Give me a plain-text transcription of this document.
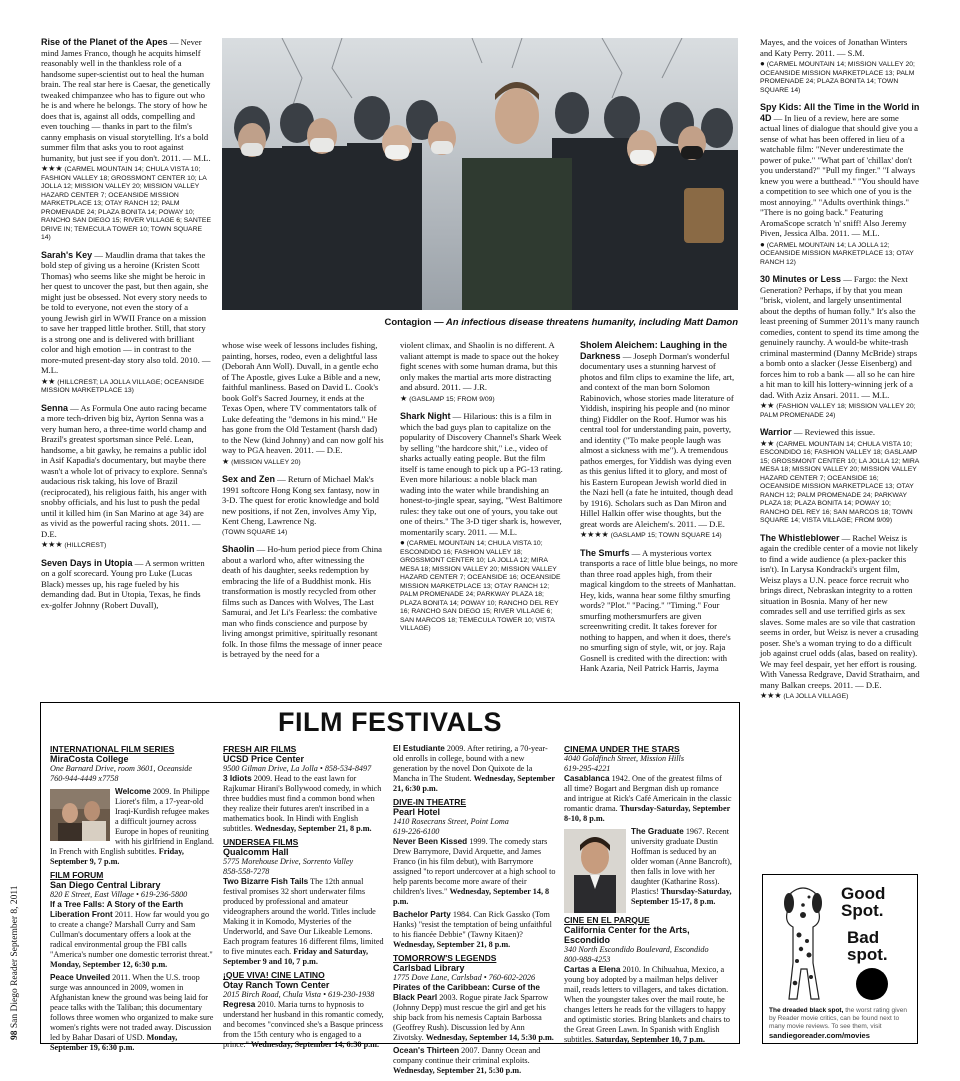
98 San Diego Reader September 8, 2011
Contagion — An infectious disease threatens humanity, including Matt Damon
Rise of the Planet of the Apes — Never mind James Franco, though he acquits himself reasonably well in the thankless role of a handsome super-scientist out to heal the human brain. The real star here is Caesar, the genetically tweaked chimpanzee who has to figure out who he is and where he belongs. The story of how he does that is, against all odds, compelling and even touching — thanks in part to the film's canny emphasis on visual storytelling. It's a bold summer film that asks you to root against humanity, but just see if you don't. 2011. — M.L.
★★★ (CARMEL MOUNTAIN 14; CHULA VISTA 10; FASHION VALLEY 18; GROSSMONT CENTER 10; LA JOLLA 12; MISSION VALLEY 20; MISSION VALLEY HAZARD CENTER 7; OCEANSIDE MISSION MARKETPLACE 13; OTAY RANCH 12; PALM PROMENADE 24; PLAZA BONITA 14; POWAY 10; RANCHO SAN DIEGO 15; RIVER VILLAGE 6; SANTEE DRIVE IN; TEMECULA TOWER 10; TOWN SQUARE 14)
Sarah's Key — Maudlin drama that takes the bold step of giving us a heroine (Kristen Scott Thomas) who seems like she might be heroic in her quest to uncover the past, but then again, she might just be obsessed. Not every story needs to be told to everyone, not even the story of a young Jewish girl in WWII France on a mission to save her trapped little brother. Still, that story is a strong one and is delivered with brilliant color and high emotion — in contrast to the more-muted present-day story also told. 2010. — M.L.
★★ (HILLCREST; LA JOLLA VILLAGE; OCEANSIDE MISSION MARKETPLACE 13)
Senna — As Formula One auto racing became a more tech-driven big biz, Ayrton Senna was a very human hero, a three-time world champ and Brazil's greatest sportsman since Pelé. Lean, handsome, a bit gawky, he remains a public idol in Asif Kapadia's documentary, but maybe there wasn't a whole lot of privacy to explore. Senna's audacious risk taking, his love of Brazil (reciprocated), his religious faith, his anger with snobby officials, and his lust to push the pedal until it killed him (in San Marino at age 34) are as vivid as the powerful racing shots. 2011. — D.E.
★★★ (HILLCREST)
Seven Days in Utopia — A sermon written on a golf scorecard. Young pro Luke (Lucas Black) messes up, his rage fueled by his demanding dad. But in Utopia, Texas, he finds ex-golfer Johnny (Robert Duvall),
whose wise week of lessons includes fishing, painting, horses, rodeo, even a delightful lass (Deborah Ann Woll). Duvall, in a gentle echo of The Apostle, gives Luke a Bible and a new, faithful manliness. Based on David L. Cook's book Golf's Sacred Journey, it ends at the Texas Open, where TV commentators talk of Luke defeating the "demons in his mind." He has gone from the Old Testament (harsh dad) to the New (kind Johnny) and can now golf his way to PGA heaven. 2011. — D.E.
★ (MISSION VALLEY 20)
Sex and Zen — Return of Michael Mak's 1991 softcore Hong Kong sex fantasy, now in 3-D. The quest for erotic knowledge and bold new positions, if not Zen, involves Amy Yip, Kent Cheng, Lawrence Ng.
(TOWN SQUARE 14)
Shaolin — Ho-hum period piece from China about a warlord who, after witnessing the death of his daughter, seeks redemption by embracing the life of a Buddhist monk. His transformation is mostly recycled from other films such as Dances with Wolves, The Last Samurai, and Jet Li's Fearless: the combative man who finds conscience and purpose by living amongst primitive, spiritually resonant folk. In those films the message of inner peace is betrayed by the need for a
violent climax, and Shaolin is no different. A valiant attempt is made to space out the hokey fight scenes with some human drama, but this only makes the martial arts more distracting and absurd. 2011. — J.R.
★ (GASLAMP 15; FROM 9/09)
Shark Night — Hilarious: this is a film in which the bad guys plan to capitalize on the popularity of Discovery Channel's Shark Week by selling "the hardcore shit," i.e., video of sharks actually eating people. But the film itself is tame enough to pick up a PG-13 rating. Even more hilarious: a noble black man wading into the water while brandishing an honest-to-jingle spear, saying, "West Baltimore rules: they take out one of yours, you take out one of theirs." The 3-D tiger shark is, however, momentarily scary. 2011. — M.L.
● (CARMEL MOUNTAIN 14; CHULA VISTA 10; ESCONDIDO 16; FASHION VALLEY 18; GROSSMONT CENTER 10; LA JOLLA 12; MIRA MESA 18; MISSION VALLEY 20; MISSION VALLEY HAZARD CENTER 7; OCEANSIDE 16; OCEANSIDE MISSION MARKETPLACE 13; OTAY RANCH 12; PALM PROMENADE 24; PARKWAY PLAZA 18; PLAZA BONITA 14; POWAY 10; RANCHO DEL REY 16; RANCHO SAN DIEGO 15; RIVER VILLAGE 6; SAN MARCOS 18; TEMECULA TOWER 10; VISTA VILLAGE)
Sholem Aleichem: Laughing in the Darkness — Joseph Dorman's wonderful documentary uses a stunning harvest of photos and film clips to examine the life, art, and context of the man born Solomon Rabinovich, whose stories made literature of Yiddish, inspiring his people and (no minor thing) Fiddler on the Roof. Humor was his central tool for understanding pain, poverty, and identity ("To make people laugh was almost a sickness with me"). A tremendous pathos emerges, for Yiddish was dying even as this genius lifted it to glory, and most of his Eastern European Jewish world died in the Nazi hell (a fate he intuited, though dead by 1916). Scholars such as Dan Miron and Hillel Halkin offer wise thoughts, but the great words are Aleichem's. 2011. — D.E.
★★★★ (GASLAMP 15; TOWN SQUARE 14)
The Smurfs — A mysterious vortex transports a race of little blue beings, no more than three road apples high, from their magical kingdom to the streets of Manhattan. Hey, kids, wanna hear some filthy smurfing words? "Plot." "Pacing." "Timing." Four smurfing mothersmurfers are given screenwriting credit. It takes forever for nothing to happen, and when it does, there's no smurfing sign of style, wit, or joy. Raja Gosnell is credited with the direction: with Hank Azaria, Neil Patrick Harris, Jayma
Mayes, and the voices of Jonathan Winters and Katy Perry. 2011. — S.M.
● (CARMEL MOUNTAIN 14; MISSION VALLEY 20; OCEANSIDE MISSION MARKETPLACE 13; PALM PROMENADE 24; PLAZA BONITA 14; TOWN SQUARE 14)
Spy Kids: All the Time in the World in 4D — In lieu of a review, here are some actual lines of dialogue that should give you a sense of what has been offered in lieu of a watchable film: "Never underestimate the power of puke." "What part of 'chillax' don't you understand?" "Pull my finger." "I always knew you were a butthead." "You should have a competition to see which one of you is the most annoying." "Adults overthink things." "There is no going back." Featuring AromaScope scratch 'n' sniff! Also Jeremy Piven, Jessica Alba. 2011. — M.L.
● (CARMEL MOUNTAIN 14; LA JOLLA 12; OCEANSIDE MISSION MARKETPLACE 13; OTAY RANCH 12)
30 Minutes or Less — Fargo: the Next Generation? Perhaps, if by that you mean "brisk, violent, and largely unsentimental about the depths of human folly." It's also the least preening of Summer 2011's many raunch comedies, content to spend its time among the genuinely raunchy. A would-be white-trash criminal mastermind (Danny McBride) straps a bomb onto a slacker (Jesse Eisenberg) and forces him to rob a bank — all so he can hire a hit man to kill his lottery-winning jerk of a dad. With Aziz Ansari. 2011. — M.L.
★★ (FASHION VALLEY 18; MISSION VALLEY 20; PALM PROMENADE 24)
Warrior — Reviewed this issue.
★★ (CARMEL MOUNTAIN 14; CHULA VISTA 10; ESCONDIDO 16; FASHION VALLEY 18; GASLAMP 15; GROSSMONT CENTER 10; LA JOLLA 12; MIRA MESA 18; MISSION VALLEY 20; MISSION VALLEY HAZARD CENTER 7; OCEANSIDE 16; OCEANSIDE MISSION MARKETPLACE 13; OTAY RANCH 12; PALM PROMENADE 24; PARKWAY PLAZA 18; PLAZA BONITA 14; POWAY 10; RANCHO DEL REY 16; SAN MARCOS 18; TOWN SQUARE 14; VISTA VILLAGE; FROM 9/09)
The Whistleblower — Rachel Weisz is again the credible center of a movie not likely to find a wide audience (a plex-packer this isn't). In Larysa Kondracki's urgent film, Weisz plays a U.N. peace force recruit who brings direct, Nebraskan integrity to a rotten situation in Bosnia. Many of her new comrades sell and use terrified girls as sex slaves. Some males are so vile that castration seems in order, but Weisz is never a crusading poser. She's a woman trying to do a difficult job against cruel odds (alas, based on reality). We may feel despair, yet her effort is rousing. With Vanessa Redgrave, David Strathairn, and many Balkan creeps. 2011. — D.E.
★★★ (LA JOLLA VILLAGE)
FILM FESTIVALS
INTERNATIONAL FILM SERIES
MiraCosta College
One Barnard Drive, room 3601, Oceanside
760-944-4449 x7758

Welcome 2009. In Philippe Lioret's film, a 17-year-old Iraqi-Kurdish refugee makes a difficult journey across Europe in hopes of reuniting with his girlfriend in England. In French with English subtitles. Friday, September 9, 7 p.m.

FILM FORUM
San Diego Central Library
820 E Street, East Village • 619-236-5800

If a Tree Falls: A Story of the Earth Liberation Front 2011. How far would you go to create a change? Marshall Curry and Sam Cullman's documentary offers a look at the radical environmental group the FBI calls "America's number one domestic terrorist threat." Monday, September 12, 6:30 p.m.

Peace Unveiled 2011. When the U.S. troop surge was announced in 2009, women in Afghanistan knew the ground was being laid for peace talks with the Taliban; this documentary follows three women who organized to make sure women's rights were not traded away. Discussion led by Bahar Dasari of USD. Monday, September 19, 6:30 p.m.

FRESH AIR FILMS
UCSD Price Center
9500 Gilman Drive, La Jolla • 858-534-8497

3 Idiots 2009. Head to the east lawn for Rajkumar Hirani's Bollywood comedy, in which three buddies must find a common bond when they realize their futures aren't inscribed in a mathematics book. In Hindi with English subtitles. Wednesday, September 21, 8 p.m.

UNDERSEA FILMS
Qualcomm Hall
5775 Morehouse Drive, Sorrento Valley
858-558-7278

Two Bizarre Fish Tails The 12th annual festival promises 32 short underwater films produced by professional and amateur videographers around the world. Titles include Making it in Komodo, Mysteries of the Underworld, and Save Our Likeable Lemons. Each program features 16 different films, limited to five minutes each. Friday and Saturday, September 9 and 10, 7 p.m.

¡QUE VIVA! CINE LATINO
Otay Ranch Town Center
2015 Birch Road, Chula Vista • 619-230-1938

Regresa 2010. Maria turns to hypnosis to understand her husband in this romantic comedy, and becomes "convinced she's a Basque princess from the 15th century who is engaged to a prince." Wednesday, September 14, 6:30 p.m.

El Estudiante 2009. After retiring, a 70-year-old enrolls in college, bound with a new generation by the novel Don Quixote de la Mancha in The Student. Wednesday, September 21, 6:30 p.m.

DIVE-IN THEATRE
Pearl Hotel
1410 Rosecrans Street, Point Loma
619-226-6100

Never Been Kissed 1999. The comedy stars Drew Barrymore, David Arquette, and James Franco (in his film debut), with Barrymore assigned "to report undercover at a high school to help parents become more aware of their children's lives." Wednesday, September 14, 8 p.m.

Bachelor Party 1984. Can Rick Gassko (Tom Hanks) "resist the temptation of being unfaithful to his fiancée Debbie" (Tawny Kitaen)? Wednesday, September 21, 8 p.m.

TOMORROW'S LEGENDS
Carlsbad Library
1775 Dove Lane, Carlsbad • 760-602-2026

Pirates of the Caribbean: Curse of the Black Pearl 2003. Rogue pirate Jack Sparrow (Johnny Depp) must rescue the girl and get his ship back from his nemesis Captain Barbossa (Geoffrey Rush). Discussion led by Ann Zivotsky. Wednesday, September 14, 5:30 p.m.

Ocean's Thirteen 2007. Danny Ocean and company continue their criminal exploits. Wednesday, September 21, 5:30 p.m.

CINEMA UNDER THE STARS
4040 Goldfinch Street, Mission Hills
619-295-4221

Casablanca 1942. One of the greatest films of all time? Bogart and Bergman dish up romance and intrigue at Rick's Café Americain in the classic romantic drama. Thursday-Saturday, September 8-10, 8 p.m.

The Graduate 1967. Recent university graduate Dustin Hoffman is seduced by an older woman (Anne Bancroft), then falls in love with her daughter (Katharine Ross). Plastics! Thursday-Saturday, September 15-17, 8 p.m.

CINE EN EL PARQUE
California Center for the Arts, Escondido
340 North Escondido Boulevard, Escondido
800-988-4253

Cartas a Elena 2010. In Chihuahua, Mexico, a young boy adopted by a mailman helps deliver mail, reads letters to villagers, and takes dictation. When the youngster takes over the mail route, he changes letters he reads for the villagers to happy and optimistic stories. Bring blankets and chairs to the Great Green Lawn. In Spanish with English subtitles. Saturday, September 10, 7 p.m.

Good Spot.
Bad spot.
The dreaded black spot, the worst rating given by Reader movie critics, can be found next to many movie reviews. To see them, visit
sandiegoreader.com/movies
